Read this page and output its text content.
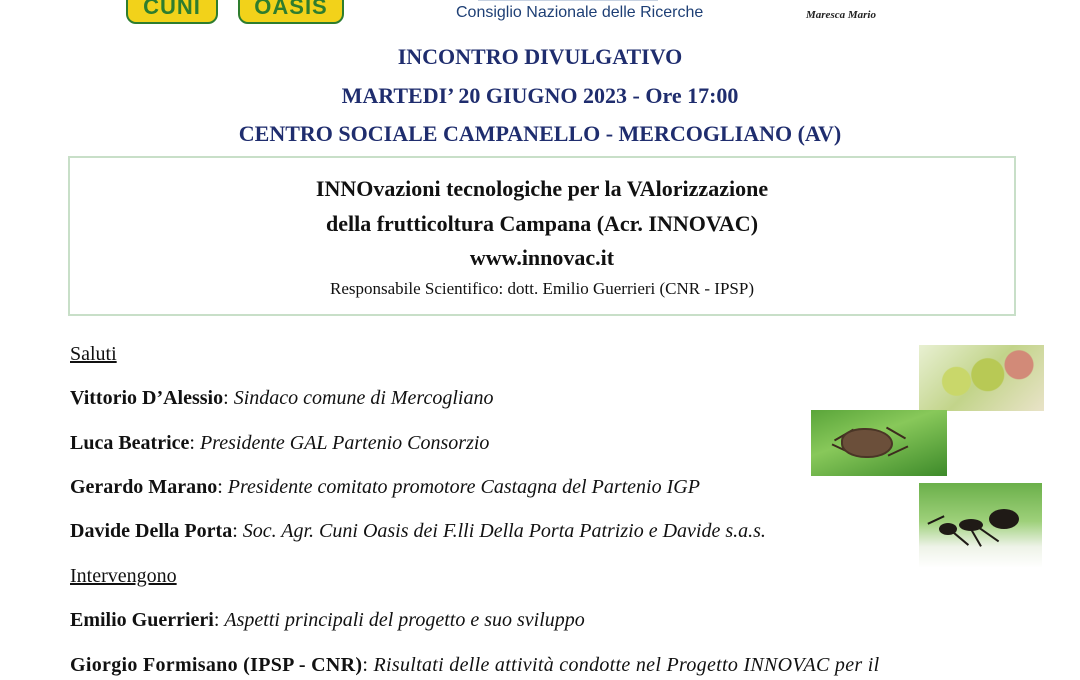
CUNI OASIS	Consiglio Nazionale delle Ricerche	Maresca Mario
INCONTRO DIVULGATIVO
MARTEDI’ 20 GIUGNO 2023 - Ore 17:00
CENTRO SOCIALE CAMPANELLO - MERCOGLIANO (AV)
INNOvazioni tecnologiche per la VAlorizzazione
della frutticoltura Campana (Acr. INNOVAC)
www.innovac.it
Responsabile Scientifico: dott. Emilio Guerrieri (CNR - IPSP)
Saluti
Vittorio D’Alessio: Sindaco comune di Mercogliano
Luca Beatrice: Presidente GAL Partenio Consorzio
Gerardo Marano: Presidente comitato promotore Castagna del Partenio IGP
Davide Della Porta: Soc. Agr. Cuni Oasis dei F.lli Della Porta Patrizio e Davide s.a.s.
Intervengono
Emilio Guerrieri: Aspetti principali del progetto e suo sviluppo
Giorgio Formisano (IPSP - CNR): Risultati delle attività condotte nel Progetto INNOVAC per il
